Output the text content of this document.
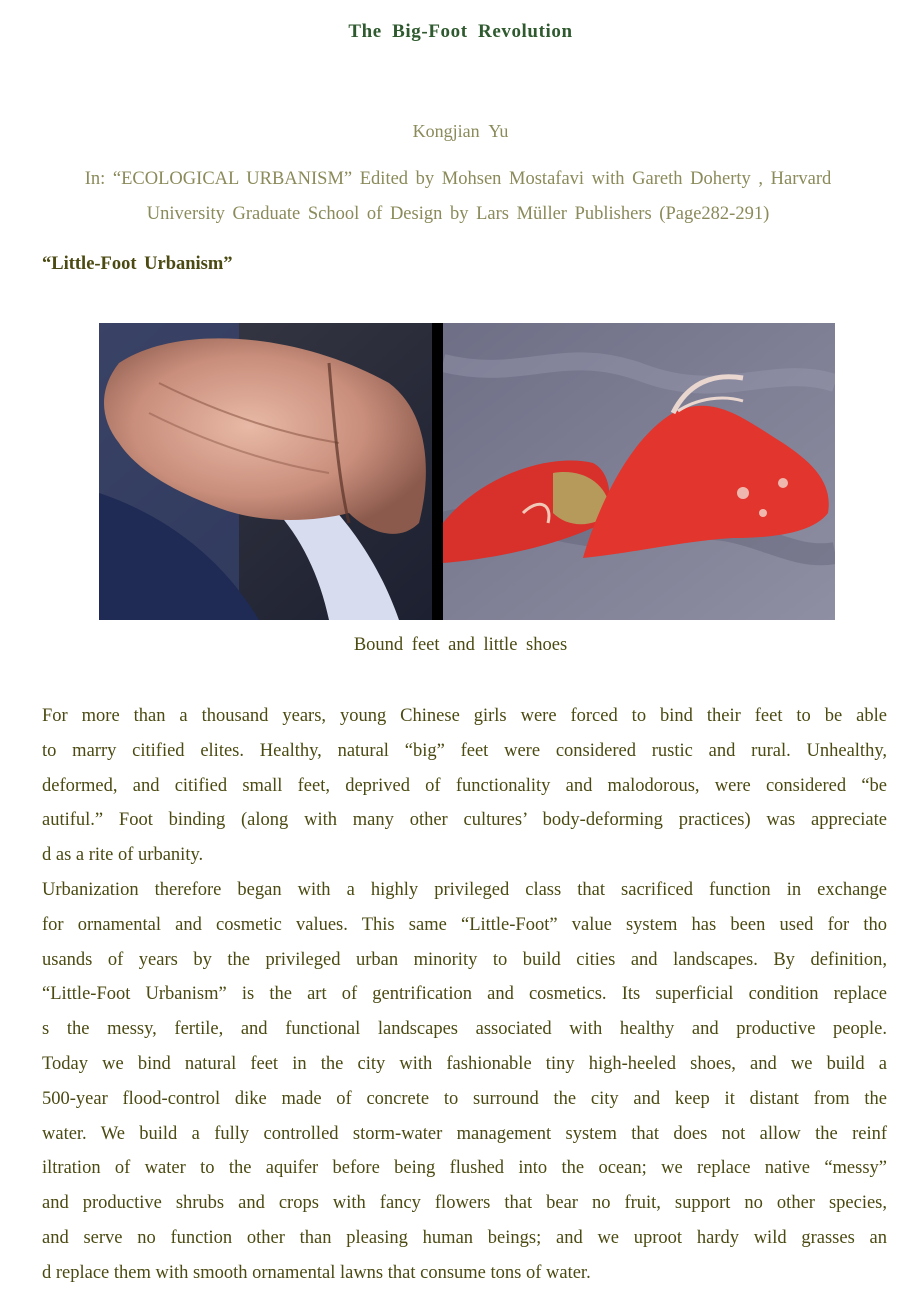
The Big-Foot Revolution
Kongjian Yu
In: “ECOLOGICAL URBANISM” Edited by Mohsen Mostafavi with Gareth Doherty , Harvard
University Graduate School of Design by Lars Müller Publishers (Page282-291)
“Little-Foot Urbanism”
Bound feet and little shoes
For more than a thousand years, young Chinese girls were forced to bind their feet to be able
to marry citified elites. Healthy, natural “big” feet were considered rustic and rural. Unhealthy,
deformed, and citified small feet, deprived of functionality and malodorous, were considered “be
autiful.” Foot binding (along with many other cultures’ body-deforming practices) was appreciate
d as a rite of urbanity.
Urbanization therefore began with a highly privileged class that sacrificed function in exchange
for ornamental and cosmetic values. This same “Little-Foot” value system has been used for tho
usands of years by the privileged urban minority to build cities and landscapes. By definition,
“Little-Foot Urbanism” is the art of gentrification and cosmetics. Its superficial condition replace
s the messy, fertile, and functional landscapes associated with healthy and productive people.
Today we bind natural feet in the city with fashionable tiny high-heeled shoes, and we build a
500-year flood-control dike made of concrete to surround the city and keep it distant from the
water. We build a fully controlled storm-water management system that does not allow the reinf
iltration of water to the aquifer before being flushed into the ocean; we replace native “messy”
and productive shrubs and crops with fancy flowers that bear no fruit, support no other species,
and serve no function other than pleasing human beings; and we uproot hardy wild grasses an
d replace them with smooth ornamental lawns that consume tons of water.
